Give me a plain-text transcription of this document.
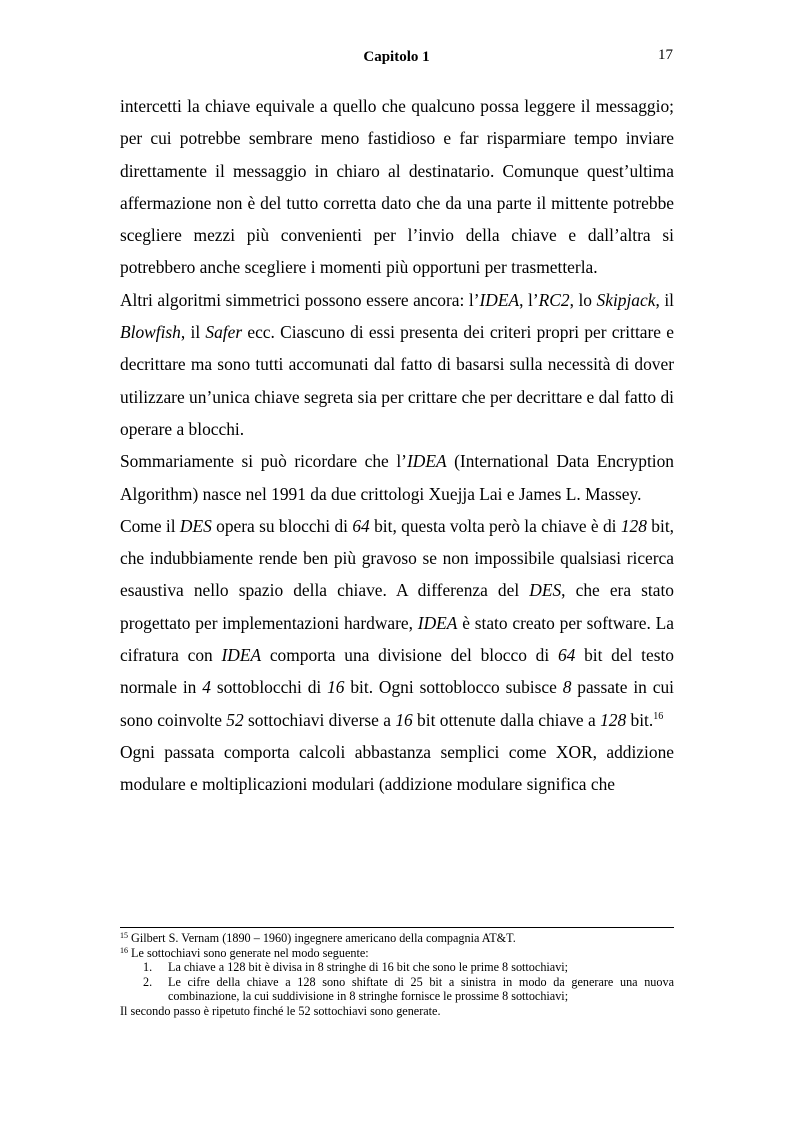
Capitolo 1	17

intercetti la chiave equivale a quello che qualcuno possa leggere il messaggio; per cui potrebbe sembrare meno fastidioso e far risparmiare tempo inviare direttamente il messaggio in chiaro al destinatario. Comunque quest’ultima affermazione non è del tutto corretta dato che da una parte il mittente potrebbe scegliere mezzi più convenienti per l’invio della chiave e dall’altra si potrebbero anche scegliere i momenti più opportuni per trasmetterla.

Altri algoritmi simmetrici possono essere ancora: l’IDEA, l’RC2, lo Skipjack, il Blowfish, il Safer ecc. Ciascuno di essi presenta dei criteri propri per crittare e decrittare ma sono tutti accomunati dal fatto di basarsi sulla necessità di dover utilizzare un’unica chiave segreta sia per crittare che per decrittare e dal fatto di operare a blocchi.

Sommariamente si può ricordare che l’IDEA (International Data Encryption Algorithm) nasce nel 1991 da due crittologi Xuejja Lai e James L. Massey.

Come il DES opera su blocchi di 64 bit, questa volta però la chiave è di 128 bit, che indubbiamente rende ben più gravoso se non impossibile qualsiasi ricerca esaustiva nello spazio della chiave. A differenza del DES, che era stato progettato per implementazioni hardware, IDEA è stato creato per software. La cifratura con IDEA comporta una divisione del blocco di 64 bit del testo normale in 4 sottoblocchi di 16 bit. Ogni sottoblocco subisce 8 passate in cui sono coinvolte 52 sottochiavi diverse a 16 bit ottenute dalla chiave a 128 bit.$^{16}$

Ogni passata comporta calcoli abbastanza semplici come XOR, addizione modulare e moltiplicazioni modulari (addizione modulare significa che

$^{15}$ Gilbert S. Vernam (1890 – 1960) ingegnere americano della compagnia AT&T.

$^{16}$ Le sottochiavi sono generate nel modo seguente:

1. La chiave a 128 bit è divisa in 8 stringhe di 16 bit che sono le prime 8 sottochiavi;
2. Le cifre della chiave a 128 sono shiftate di 25 bit a sinistra in modo da generare una nuova combinazione, la cui suddivisione in 8 stringhe fornisce le prossime 8 sottochiavi;

Il secondo passo è ripetuto finché le 52 sottochiavi sono generate.
